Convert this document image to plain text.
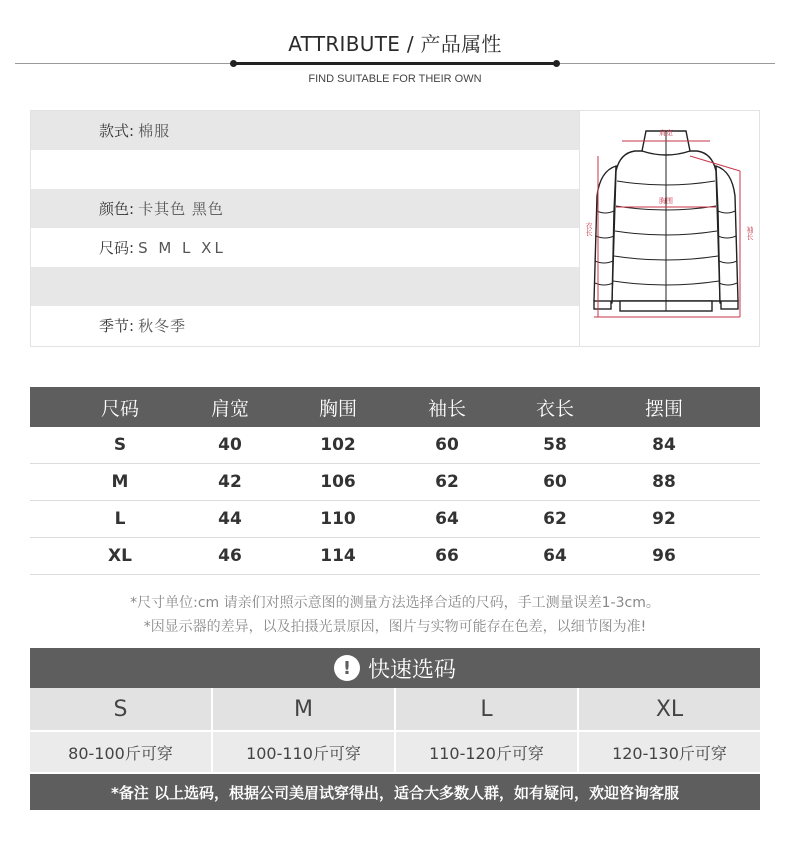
ATTRIBUTE / 产品属性
FIND SUITABLE FOR THEIR OWN
款式: 棉服
颜色: 卡其色 黑色
尺码: S M L XL
季节: 秋冬季
肩宽
胸围
衣长	袖长
尺码	肩宽	胸围	袖长	衣长	摆围
S	40	102	60	58	84
M	42	106	62	60	88
L	44	110	64	62	92
XL	46	114	66	64	96
*尺寸单位:cm 请亲们对照示意图的测量方法选择合适的尺码，手工测量误差1-3cm。
*因显示器的差异，以及拍摄光景原因，图片与实物可能存在色差，以细节图为准!
! 快速选码
S	M	L	XL
80-100斤可穿	100-110斤可穿	110-120斤可穿	120-130斤可穿
*备注 以上选码，根据公司美眉试穿得出，适合大多数人群，如有疑问，欢迎咨询客服
